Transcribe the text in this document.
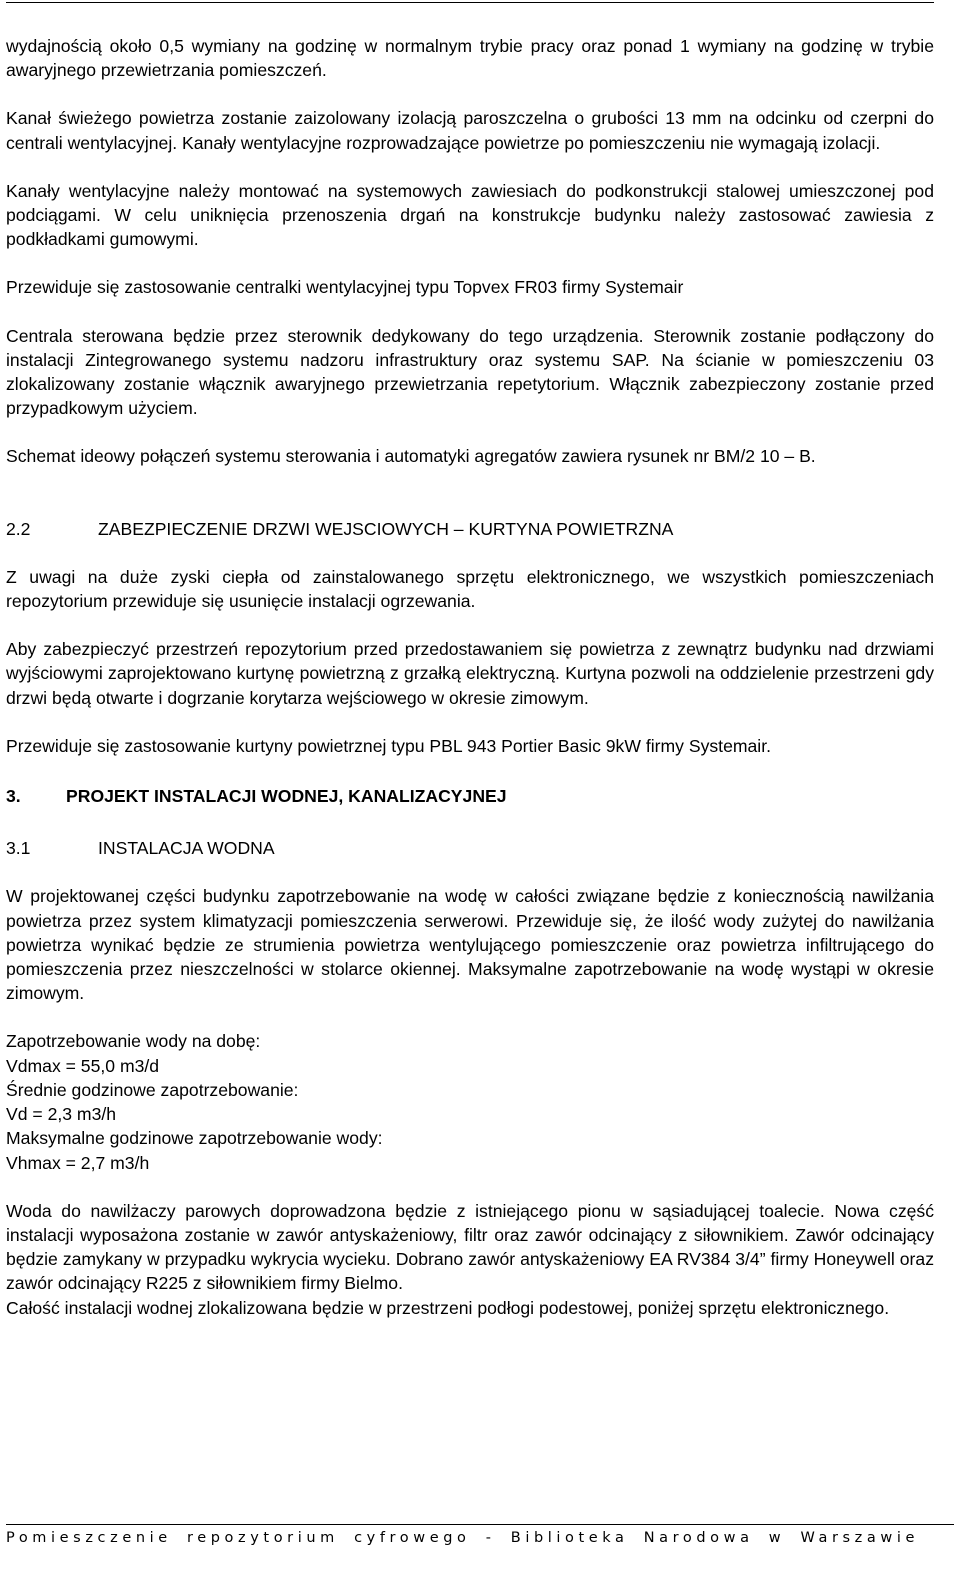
wydajnością około 0,5 wymiany na godzinę w normalnym trybie pracy oraz ponad 1 wymiany na godzinę w trybie awaryjnego przewietrzania pomieszczeń.

Kanał świeżego powietrza zostanie zaizolowany izolacją paroszczelna o grubości 13 mm na odcinku od czerpni do centrali wentylacyjnej. Kanały wentylacyjne rozprowadzające powietrze po pomieszczeniu nie wymagają izolacji.

Kanały wentylacyjne należy montować na systemowych zawiesiach do podkonstrukcji stalowej umieszczonej pod podciągami. W celu uniknięcia przenoszenia drgań na konstrukcje budynku należy zastosować zawiesia z podkładkami gumowymi.

Przewiduje się zastosowanie centralki wentylacyjnej typu Topvex FR03 firmy Systemair

Centrala sterowana będzie przez sterownik dedykowany do tego urządzenia. Sterownik zostanie podłączony do instalacji Zintegrowanego systemu nadzoru infrastruktury oraz systemu SAP. Na ścianie w pomieszczeniu 03 zlokalizowany zostanie włącznik awaryjnego przewietrzania repetytorium. Włącznik zabezpieczony zostanie przed przypadkowym użyciem.

Schemat ideowy połączeń systemu sterowania i automatyki agregatów zawiera rysunek nr BM/2 10 – B.

2.2	ZABEZPIECZENIE DRZWI WEJSCIOWYCH – KURTYNA POWIETRZNA

Z uwagi na duże zyski ciepła od zainstalowanego sprzętu elektronicznego, we wszystkich pomieszczeniach repozytorium przewiduje się usunięcie instalacji ogrzewania.

Aby zabezpieczyć przestrzeń repozytorium przed przedostawaniem się powietrza z zewnątrz budynku nad drzwiami wyjściowymi zaprojektowano kurtynę powietrzną z grzałką elektryczną. Kurtyna pozwoli na oddzielenie przestrzeni gdy drzwi będą otwarte i dogrzanie korytarza wejściowego w okresie zimowym.

Przewiduje się zastosowanie kurtyny powietrznej typu PBL 943 Portier Basic 9kW firmy Systemair.

3.	PROJEKT INSTALACJI WODNEJ, KANALIZACYJNEJ

3.1	INSTALACJA WODNA

W projektowanej części budynku zapotrzebowanie na wodę w całości związane będzie z koniecznością nawilżania powietrza przez system klimatyzacji pomieszczenia serwerowi. Przewiduje się, że ilość wody zużytej do nawilżania powietrza wynikać będzie ze strumienia powietrza wentylującego pomieszczenie oraz powietrza infiltrującego do pomieszczenia przez nieszczelności w stolarce okiennej. Maksymalne zapotrzebowanie na wodę wystąpi w okresie zimowym.

Zapotrzebowanie wody na dobę:

Vdmax = 55,0 m3/d

Średnie godzinowe zapotrzebowanie:

Vd = 2,3 m3/h

Maksymalne godzinowe zapotrzebowanie wody:

Vhmax = 2,7 m3/h

Woda do nawilżaczy parowych doprowadzona będzie z istniejącego pionu w sąsiadującej toalecie. Nowa część instalacji wyposażona zostanie w zawór antyskażeniowy, filtr oraz zawór odcinający z siłownikiem. Zawór odcinający będzie zamykany w przypadku wykrycia wycieku. Dobrano zawór antyskażeniowy EA RV384 3/4” firmy Honeywell oraz zawór odcinający R225 z siłownikiem firmy Bielmo.

Całość instalacji wodnej zlokalizowana będzie w przestrzeni podłogi podestowej, poniżej sprzętu elektronicznego.

Pomieszczenie repozytorium cyfrowego - Biblioteka Narodowa w Warszawie
